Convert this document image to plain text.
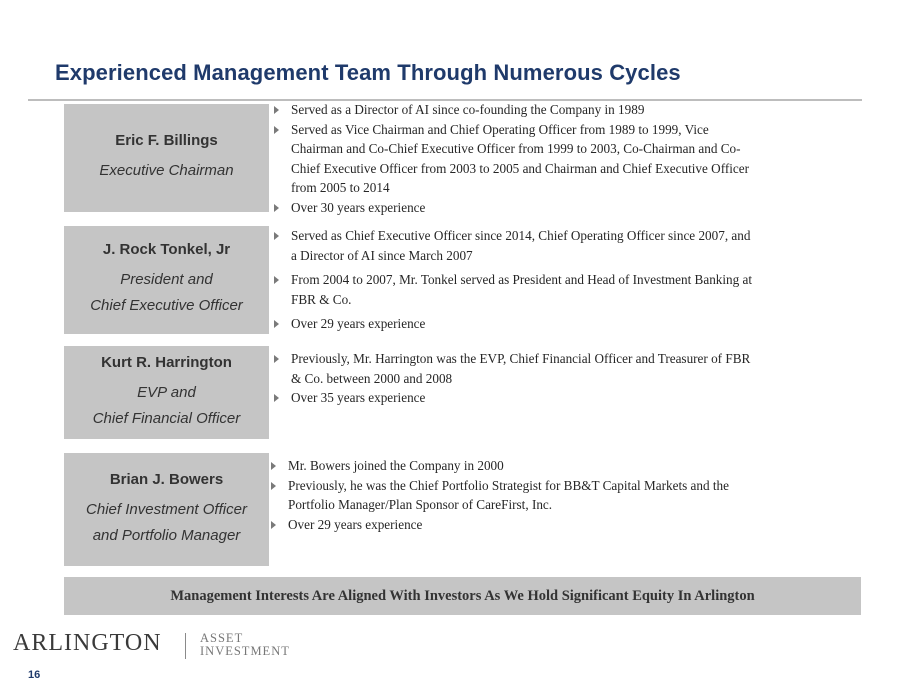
Experienced Management Team Through Numerous Cycles
Eric F. Billings
Executive Chairman
Served as a Director of AI since co-founding the Company in 1989
Served as Vice Chairman and Chief Operating Officer from 1989 to 1999, Vice
Chairman and Co-Chief Executive Officer from 1999 to 2003, Co-Chairman and Co-
Chief Executive Officer from 2003 to 2005 and Chairman and Chief Executive Officer
from 2005 to 2014
Over 30 years experience
J. Rock Tonkel, Jr
President and
Chief Executive Officer
Served as Chief Executive Officer since 2014, Chief Operating Officer since 2007, and
a Director of AI since March 2007
From 2004 to 2007, Mr. Tonkel served as President and Head of Investment Banking at
FBR & Co.
Over 29 years experience
Kurt R. Harrington
EVP and
Chief Financial Officer
Previously, Mr. Harrington was the EVP, Chief Financial Officer and Treasurer of FBR
& Co. between 2000 and 2008
Over 35 years experience
Brian J. Bowers
Chief Investment Officer
and Portfolio Manager
Mr. Bowers joined the Company in 2000
Previously, he was the Chief Portfolio Strategist for BB&T Capital Markets and the
Portfolio Manager/Plan Sponsor of CareFirst, Inc.
Over 29 years experience
Management Interests Are Aligned With Investors As We Hold Significant Equity In Arlington
ARLINGTON	ASSET
INVESTMENT
16
